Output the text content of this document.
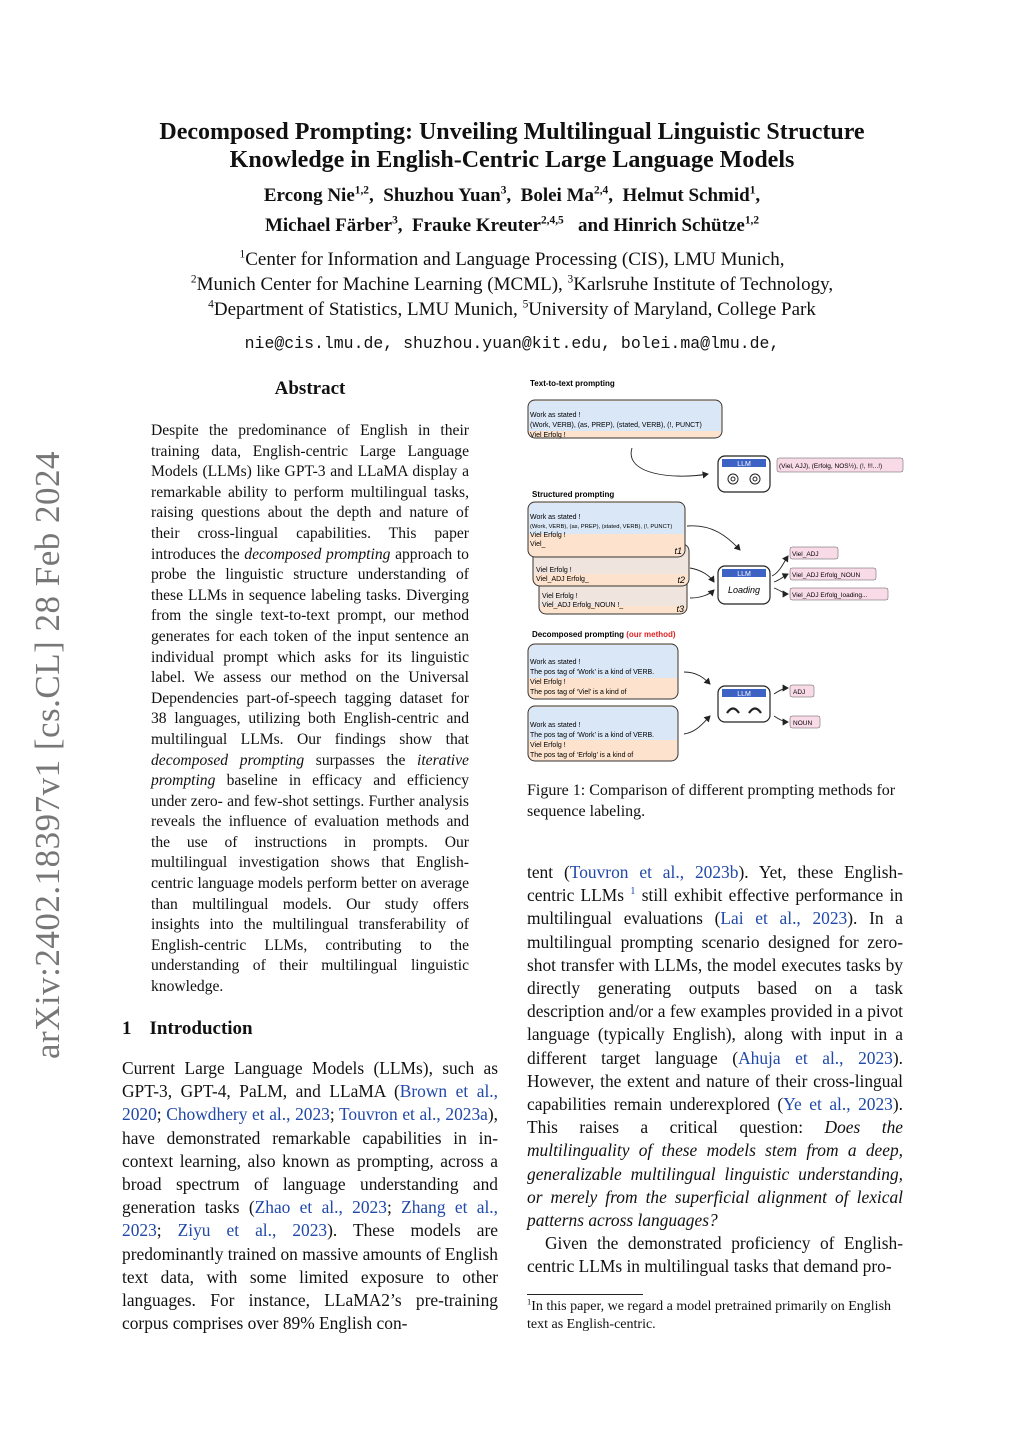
arXiv:2402.18397v1 [cs.CL] 28 Feb 2024
Decomposed Prompting: Unveiling Multilingual Linguistic Structure
Knowledge in English-Centric Large Language Models
Ercong Nie$^{1,2}$,  Shuzhou Yuan$^3$,  Bolei Ma$^{2,4}$,  Helmut Schmid$^1$,
Michael Färber$^3$,  Frauke Kreuter$^{2,4,5}$ and Hinrich Schütze$^{1,2}$
$^1$Center for Information and Language Processing (CIS), LMU Munich,
$^2$Munich Center for Machine Learning (MCML), $^3$Karlsruhe Institute of Technology,
$^4$Department of Statistics, LMU Munich, $^5$University of Maryland, College Park
nie@cis.lmu.de, shuzhou.yuan@kit.edu, bolei.ma@lmu.de,
Abstract
Despite the predominance of English in their training data, English-centric Large Language Models (LLMs) like GPT-3 and LLaMA display a remarkable ability to perform multilingual tasks, raising questions about the depth and nature of their cross-lingual capabilities. This paper introduces the decomposed prompting approach to probe the linguistic structure understanding of these LLMs in sequence labeling tasks. Diverging from the single text-to-text prompt, our method generates for each token of the input sentence an individual prompt which asks for its linguistic label. We assess our method on the Universal Dependencies part-of-speech tagging dataset for 38 languages, utilizing both English-centric and multilingual LLMs. Our findings show that decomposed prompting surpasses the iterative prompting baseline in efficacy and efficiency under zero- and few-shot settings. Further analysis reveals the influence of evaluation methods and the use of instructions in prompts. Our multilingual investigation shows that English-centric language models perform better on average than multilingual models. Our study offers insights into the multilingual transferability of English-centric LLMs, contributing to the understanding of their multilingual linguistic knowledge.
1 Introduction

Current Large Language Models (LLMs), such as GPT-3, GPT-4, PaLM, and LLaMA (Brown et al., 2020; Chowdhery et al., 2023; Touvron et al., 2023a), have demonstrated remarkable capabilities in in-context learning, also known as prompting, across a broad spectrum of language understanding and generation tasks (Zhao et al., 2023; Zhang et al., 2023; Ziyu et al., 2023). These models are predominantly trained on massive amounts of English text data, with some limited exposure to other languages. For instance, LLaMA2’s pre-training corpus comprises over 89% English con-

Text-to-text prompting
Work as stated !
(Work, VERB), (as, PREP), (stated, VERB), (!, PUNCT)
Viel Erfolg !
LLM	(Viel, AJJ), (Erfolg, NOS½), (!, !!!...!)
Structured prompting
Viel Erfolg !
Viel_ADJ Erfolg_NOUN !_	t3
Viel Erfolg !
Viel_ADJ Erfolg_	t2
Work as stated !
(Work, VERB), (as, PREP), (stated, VERB), (!, PUNCT)
Viel Erfolg !
Viel_
t1
LLM
Loading
Viel_ADJ
Viel_ADJ Erfolg_NOUN
Viel_ADJ Erfolg_loading...
Decomposed prompting (our method)
Work as stated !
The pos tag of ‘Work’ is a kind of VERB.
Viel Erfolg !
The pos tag of ‘Viel’ is a kind of
Work as stated !
The pos tag of ‘Work’ is a kind of VERB.
Viel Erfolg !
The pos tag of ‘Erfolg’ is a kind of
LLM	ADJ
NOUN
Figure 1: Comparison of different prompting methods for sequence labeling.

tent (Touvron et al., 2023b). Yet, these English-centric LLMs $^1$ still exhibit effective performance in multilingual evaluations (Lai et al., 2023). In a multilingual prompting scenario designed for zero-shot transfer with LLMs, the model executes tasks by directly generating outputs based on a task description and/or a few examples provided in a pivot language (typically English), along with input in a different target language (Ahuja et al., 2023). However, the extent and nature of their cross-lingual capabilities remain underexplored (Ye et al., 2023). This raises a critical question: Does the multilinguality of these models stem from a deep, generalizable multilingual linguistic understanding, or merely from the superficial alignment of lexical patterns across languages?

Given the demonstrated proficiency of English-centric LLMs in multilingual tasks that demand pro-

$^1$In this paper, we regard a model pretrained primarily on English text as English-centric.
